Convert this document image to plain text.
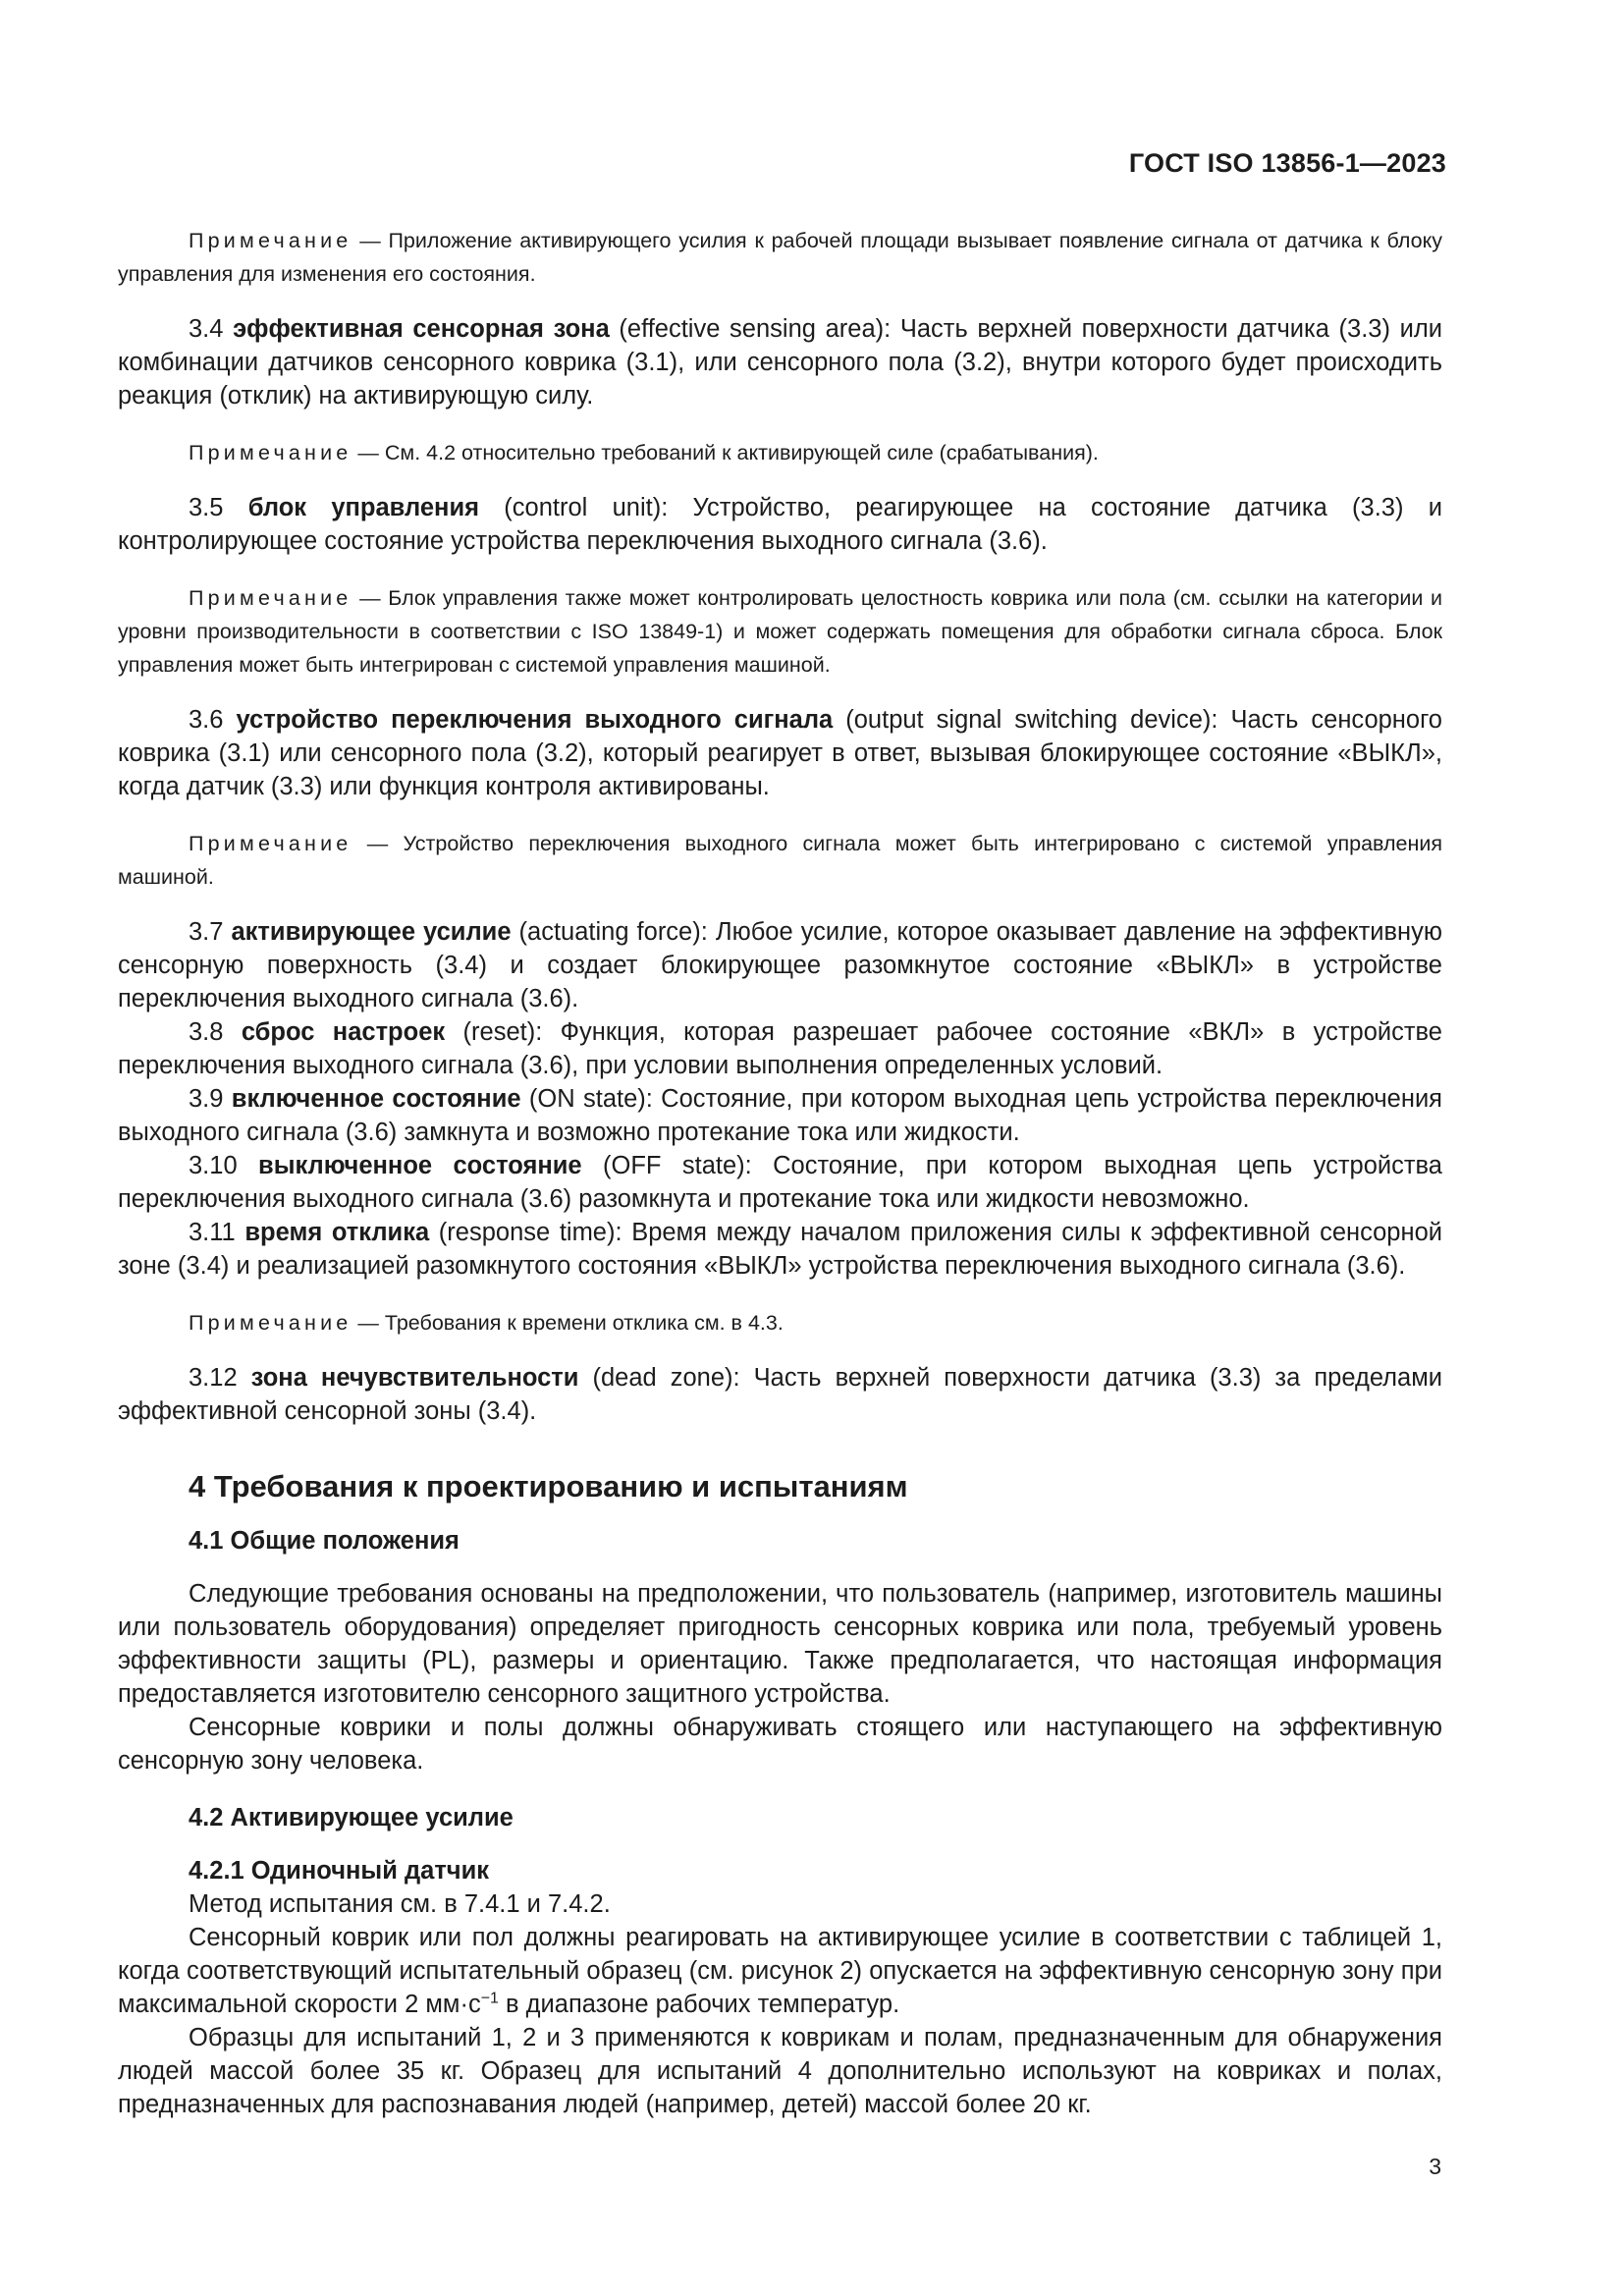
ГОСТ ISO 13856-1—2023

Примечание — Приложение активирующего усилия к рабочей площади вызывает появление сигнала от датчика к блоку управления для изменения его состояния.

3.4 эффективная сенсорная зона (effective sensing area): Часть верхней поверхности датчика (3.3) или комбинации датчиков сенсорного коврика (3.1), или сенсорного пола (3.2), внутри которого будет происходить реакция (отклик) на активирующую силу.

Примечание — См. 4.2 относительно требований к активирующей силе (срабатывания).

3.5 блок управления (control unit): Устройство, реагирующее на состояние датчика (3.3) и контролирующее состояние устройства переключения выходного сигнала (3.6).

Примечание — Блок управления также может контролировать целостность коврика или пола (см. ссылки на категории и уровни производительности в соответствии с ISO 13849-1) и может содержать помещения для обработки сигнала сброса. Блок управления может быть интегрирован с системой управления машиной.

3.6 устройство переключения выходного сигнала (output signal switching device): Часть сенсорного коврика (3.1) или сенсорного пола (3.2), который реагирует в ответ, вызывая блокирующее состояние «ВЫКЛ», когда датчик (3.3) или функция контроля активированы.

Примечание — Устройство переключения выходного сигнала может быть интегрировано с системой управления машиной.

3.7 активирующее усилие (actuating force): Любое усилие, которое оказывает давление на эффективную сенсорную поверхность (3.4) и создает блокирующее разомкнутое состояние «ВЫКЛ» в устройстве переключения выходного сигнала (3.6).

3.8 сброс настроек (reset): Функция, которая разрешает рабочее состояние «ВКЛ» в устройстве переключения выходного сигнала (3.6), при условии выполнения определенных условий.

3.9 включенное состояние (ON state): Состояние, при котором выходная цепь устройства переключения выходного сигнала (3.6) замкнута и возможно протекание тока или жидкости.

3.10 выключенное состояние (OFF state): Состояние, при котором выходная цепь устройства переключения выходного сигнала (3.6) разомкнута и протекание тока или жидкости невозможно.

3.11 время отклика (response time): Время между началом приложения силы к эффективной сенсорной зоне (3.4) и реализацией разомкнутого состояния «ВЫКЛ» устройства переключения выходного сигнала (3.6).

Примечание — Требования к времени отклика см. в 4.3.

3.12 зона нечувствительности (dead zone): Часть верхней поверхности датчика (3.3) за пределами эффективной сенсорной зоны (3.4).

4 Требования к проектированию и испытаниям
4.1 Общие положения

Следующие требования основаны на предположении, что пользователь (например, изготовитель машины или пользователь оборудования) определяет пригодность сенсорных коврика или пола, требуемый уровень эффективности защиты (PL), размеры и ориентацию. Также предполагается, что настоящая информация предоставляется изготовителю сенсорного защитного устройства.

Сенсорные коврики и полы должны обнаруживать стоящего или наступающего на эффективную сенсорную зону человека.

4.2 Активирующее усилие
4.2.1 Одиночный датчик

Метод испытания см. в 7.4.1 и 7.4.2.

Сенсорный коврик или пол должны реагировать на активирующее усилие в соответствии с таблицей 1, когда соответствующий испытательный образец (см. рисунок 2) опускается на эффективную сенсорную зону при максимальной скорости 2 $мм\cdot с^{-1}$ в диапазоне рабочих температур.

Образцы для испытаний 1, 2 и 3 применяются к коврикам и полам, предназначенным для обнаружения людей массой более 35 кг. Образец для испытаний 4 дополнительно используют на ковриках и полах, предназначенных для распознавания людей (например, детей) массой более 20 кг.

3
